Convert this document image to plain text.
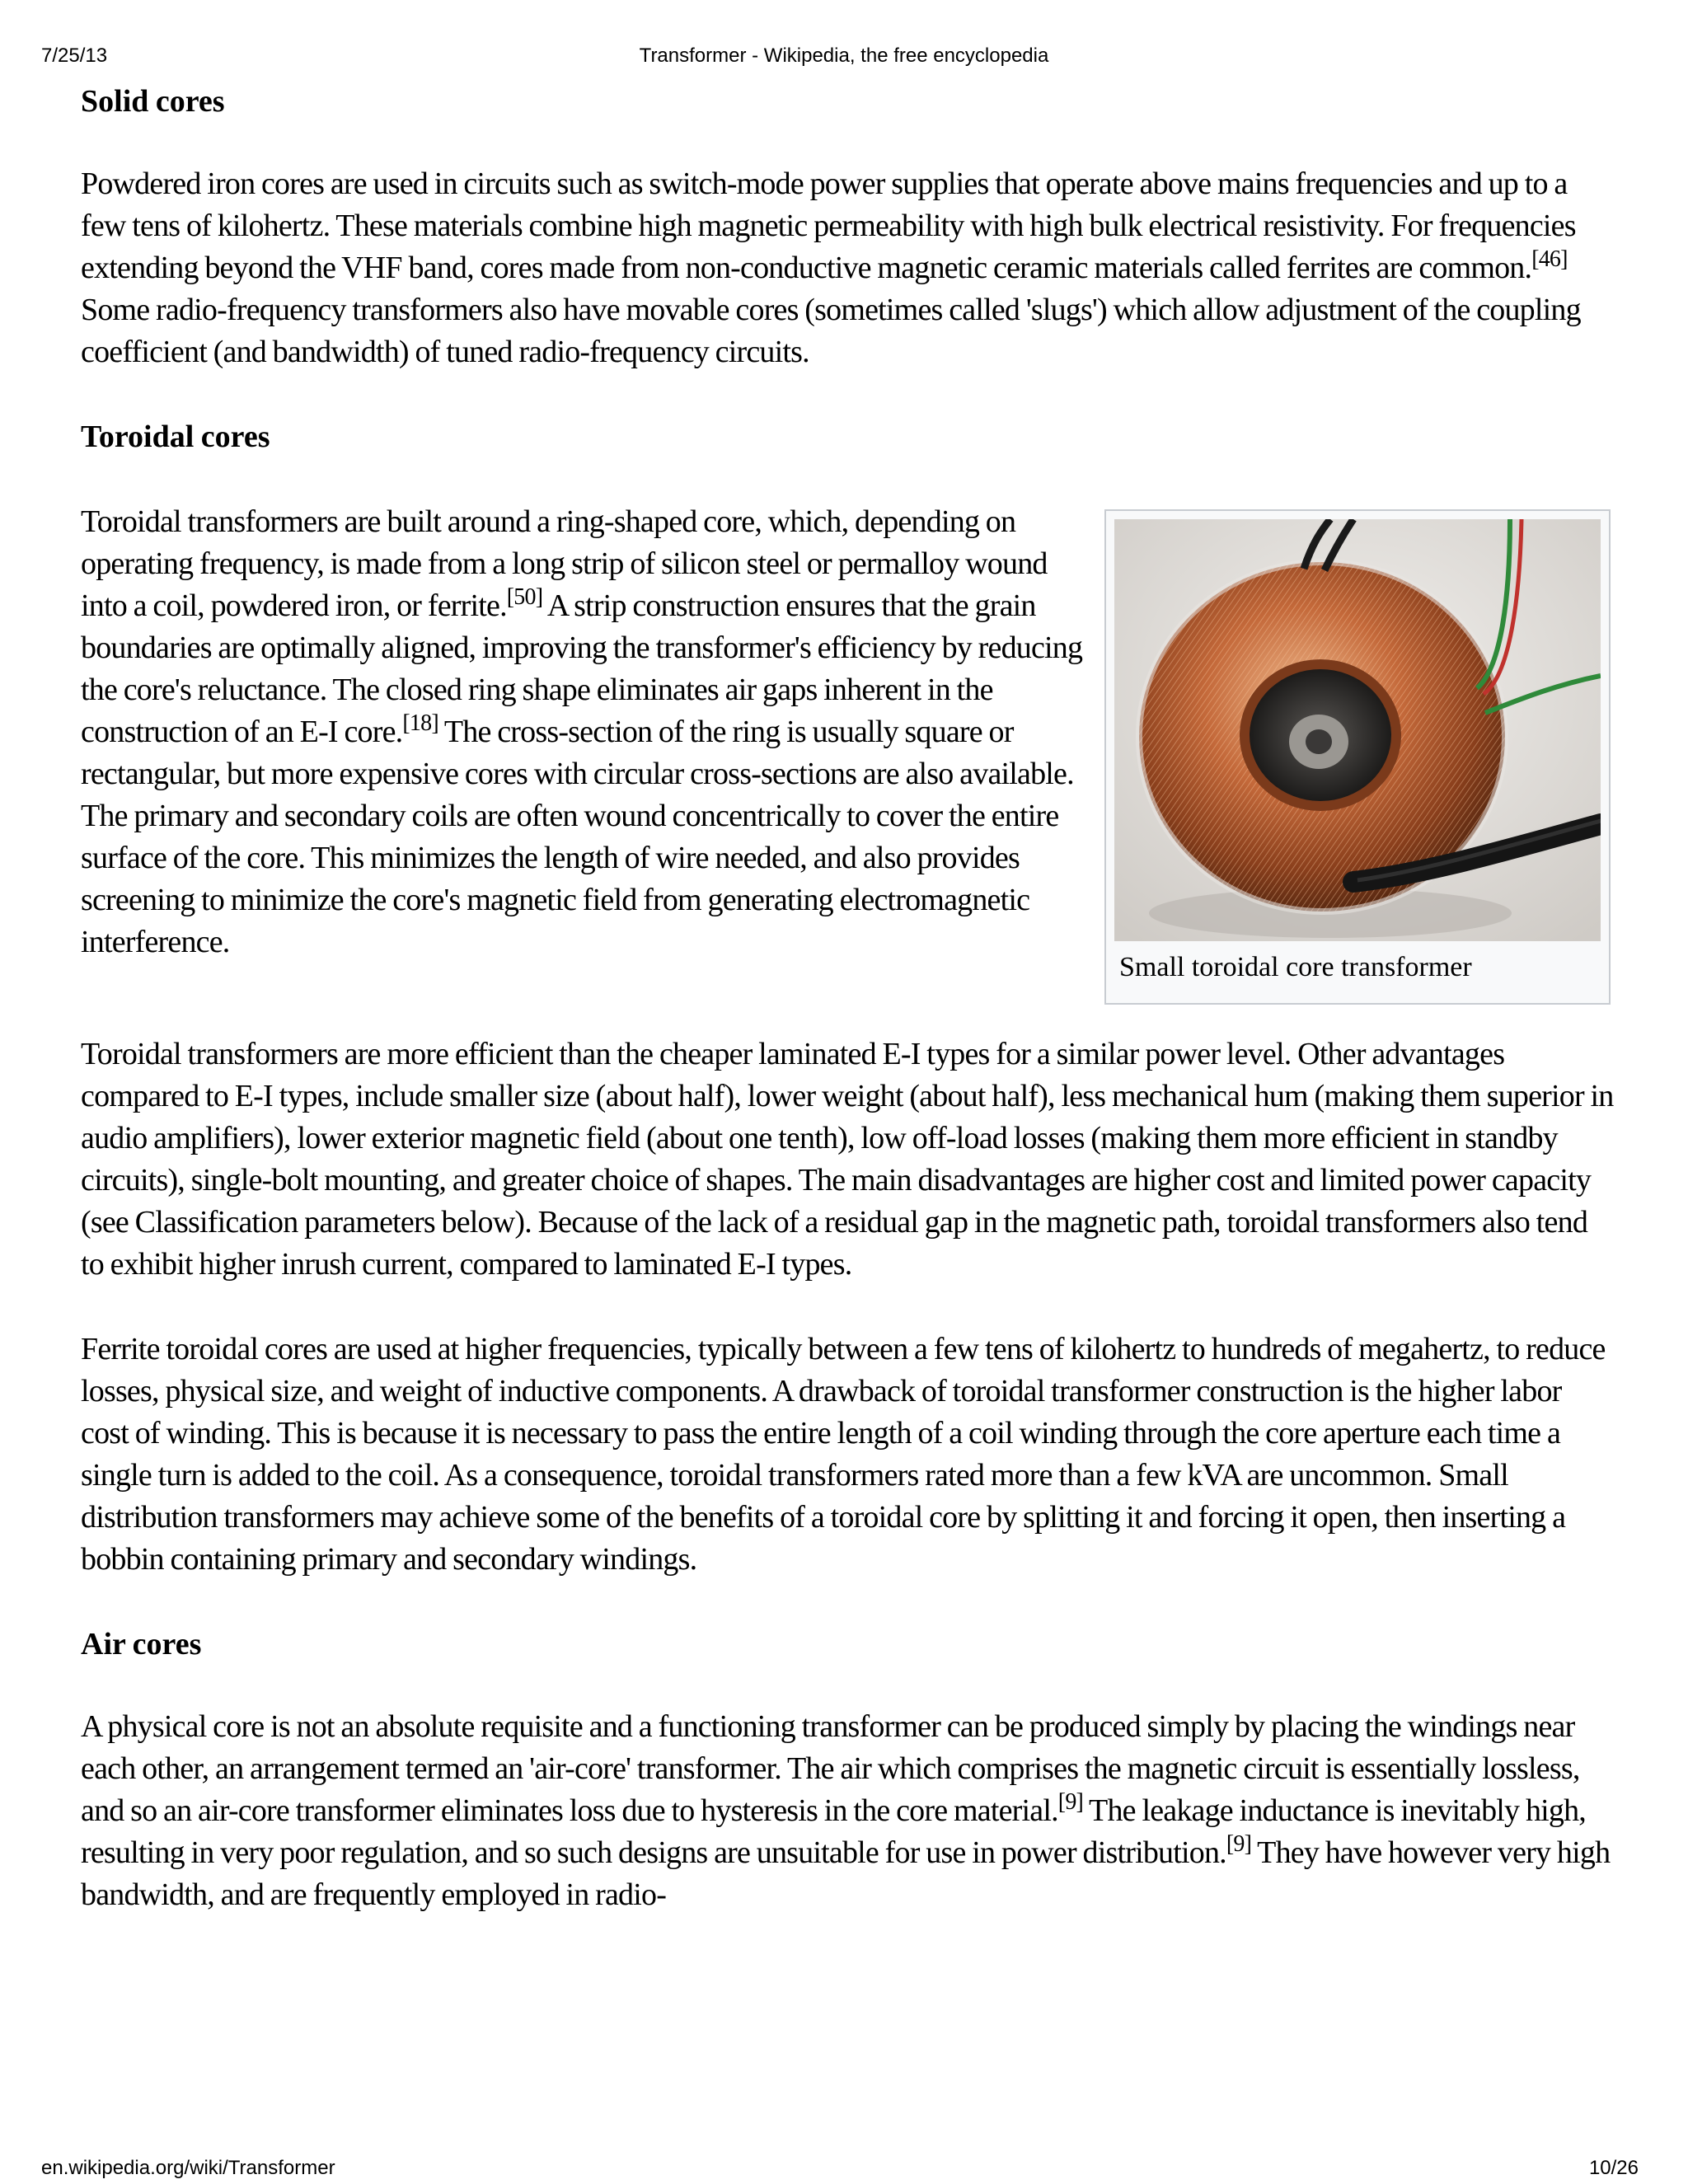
7/25/13	Transformer - Wikipedia, the free encyclopedia
Solid cores

Powdered iron cores are used in circuits such as switch-mode power supplies that operate above mains frequencies and up to a few tens of kilohertz. These materials combine high magnetic permeability with high bulk electrical resistivity. For frequencies extending beyond the VHF band, cores made from non-conductive magnetic ceramic materials called ferrites are common.[46] Some radio-frequency transformers also have movable cores (sometimes called 'slugs') which allow adjustment of the coupling coefficient (and bandwidth) of tuned radio-frequency circuits.

Toroidal cores

Toroidal transformers are built around a ring-shaped core, which, depending on operating frequency, is made from a long strip of silicon steel or permalloy wound into a coil, powdered iron, or ferrite.[50] A strip construction ensures that the grain boundaries are optimally aligned, improving the transformer's efficiency by reducing the core's reluctance. The closed ring shape eliminates air gaps inherent in the construction of an E-I core.[18] The cross-section of the ring is usually square or rectangular, but more expensive cores with circular cross-sections are also available. The primary and secondary coils are often wound concentrically to cover the entire surface of the core. This minimizes the length of wire needed, and also provides screening to minimize the core's magnetic field from generating electromagnetic interference.

Small toroidal core transformer

Toroidal transformers are more efficient than the cheaper laminated E-I types for a similar power level. Other advantages compared to E-I types, include smaller size (about half), lower weight (about half), less mechanical hum (making them superior in audio amplifiers), lower exterior magnetic field (about one tenth), low off-load losses (making them more efficient in standby circuits), single-bolt mounting, and greater choice of shapes. The main disadvantages are higher cost and limited power capacity (see Classification parameters below). Because of the lack of a residual gap in the magnetic path, toroidal transformers also tend to exhibit higher inrush current, compared to laminated E-I types.

Ferrite toroidal cores are used at higher frequencies, typically between a few tens of kilohertz to hundreds of megahertz, to reduce losses, physical size, and weight of inductive components. A drawback of toroidal transformer construction is the higher labor cost of winding. This is because it is necessary to pass the entire length of a coil winding through the core aperture each time a single turn is added to the coil. As a consequence, toroidal transformers rated more than a few kVA are uncommon. Small distribution transformers may achieve some of the benefits of a toroidal core by splitting it and forcing it open, then inserting a bobbin containing primary and secondary windings.

Air cores

A physical core is not an absolute requisite and a functioning transformer can be produced simply by placing the windings near each other, an arrangement termed an 'air-core' transformer. The air which comprises the magnetic circuit is essentially lossless, and so an air-core transformer eliminates loss due to hysteresis in the core material.[9] The leakage inductance is inevitably high, resulting in very poor regulation, and so such designs are unsuitable for use in power distribution.[9] They have however very high bandwidth, and are frequently employed in radio-

en.wikipedia.org/wiki/Transformer	10/26
